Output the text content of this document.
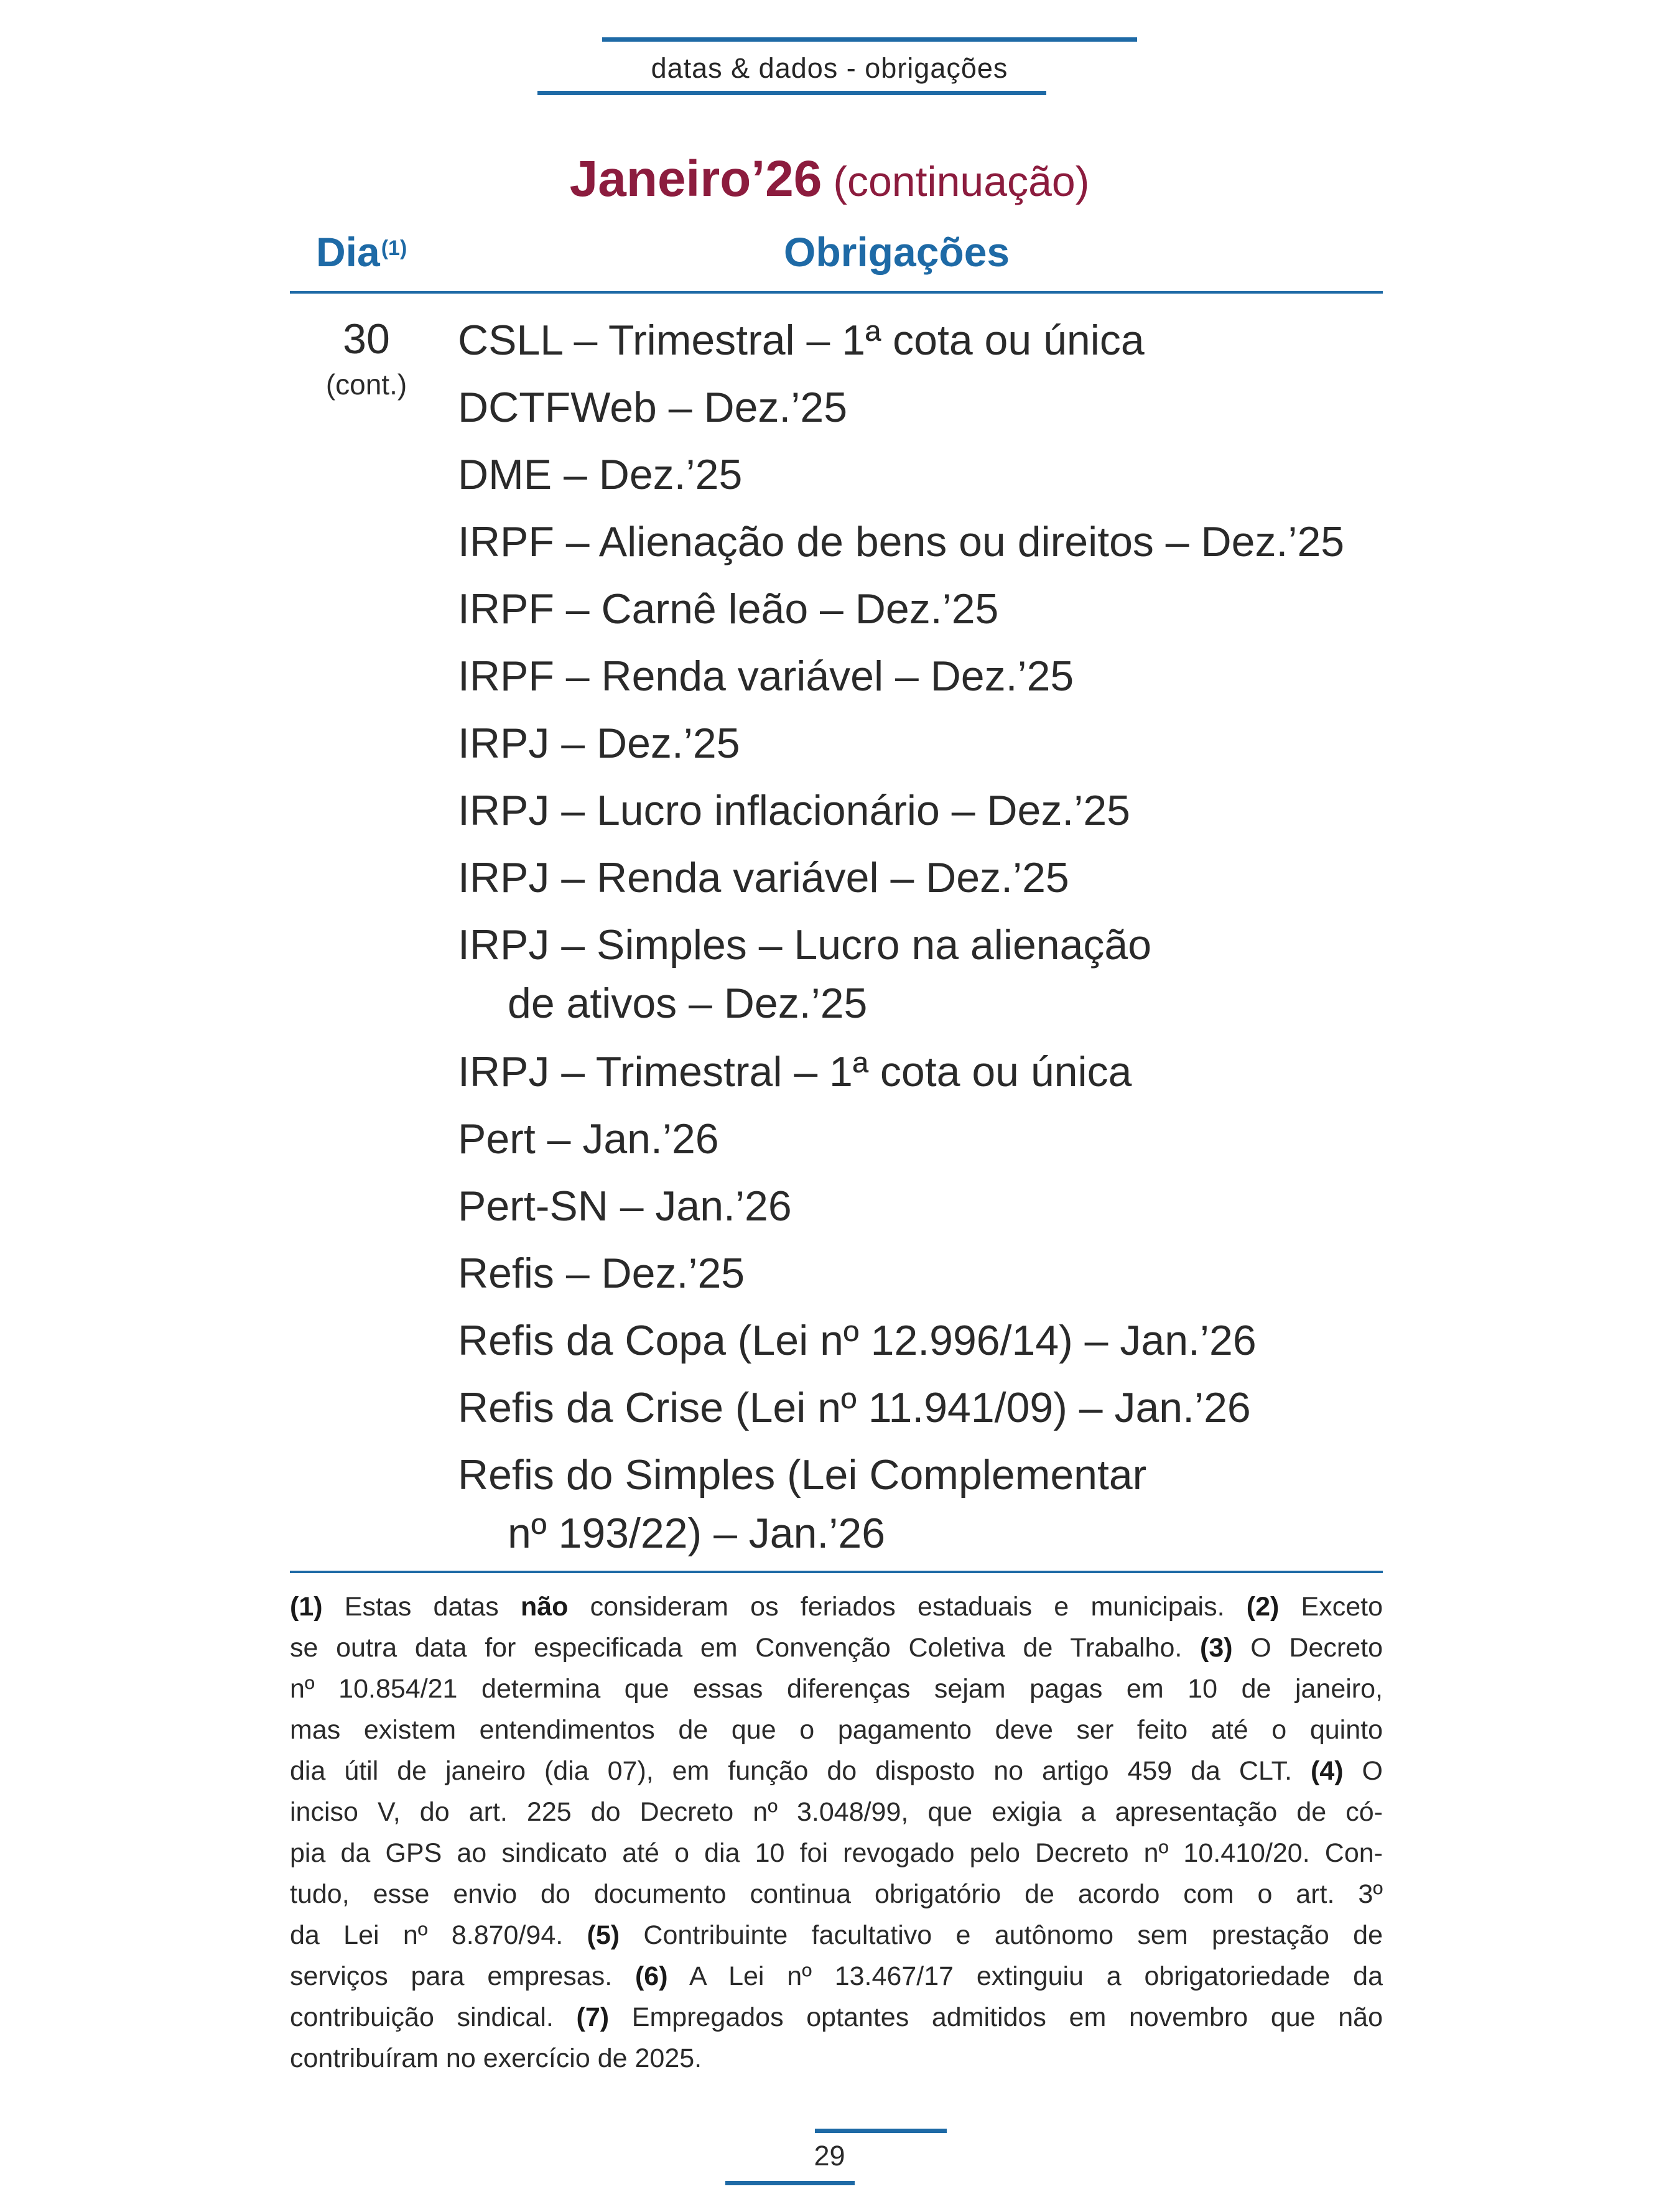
datas & dados - obrigações
Janeiro’26 (continuação)
Dia$^{(1)}$	Obrigações
30
(cont.)
CSLL – Trimestral – 1ª cota ou única
DCTFWeb – Dez.’25
DME – Dez.’25
IRPF – Alienação de bens ou direitos – Dez.’25
IRPF – Carnê leão – Dez.’25
IRPF – Renda variável – Dez.’25
IRPJ – Dez.’25
IRPJ – Lucro inflacionário – Dez.’25
IRPJ – Renda variável – Dez.’25
IRPJ – Simples – Lucro na alienação
de ativos – Dez.’25
IRPJ – Trimestral – 1ª cota ou única
Pert – Jan.’26
Pert-SN – Jan.’26
Refis – Dez.’25
Refis da Copa (Lei nº 12.996/14) – Jan.’26
Refis da Crise (Lei nº 11.941/09) – Jan.’26
Refis do Simples (Lei Complementar
nº 193/22) – Jan.’26
(1) Estas datas não consideram os feriados estaduais e municipais. (2) Exceto
se outra data for especificada em Convenção Coletiva de Trabalho. (3) O Decreto
nº 10.854/21 determina que essas diferenças sejam pagas em 10 de janeiro,
mas existem entendimentos de que o pagamento deve ser feito até o quinto
dia útil de janeiro (dia 07), em função do disposto no artigo 459 da CLT. (4) O
inciso V, do art. 225 do Decreto nº 3.048/99, que exigia a apresentação de có-
pia da GPS ao sindicato até o dia 10 foi revogado pelo Decreto nº 10.410/20. Con-
tudo, esse envio do documento continua obrigatório de acordo com o art. 3º
da Lei nº 8.870/94. (5) Contribuinte facultativo e autônomo sem prestação de
serviços para empresas. (6) A Lei nº 13.467/17 extinguiu a obrigatoriedade da
contribuição sindical. (7) Empregados optantes admitidos em novembro que não
contribuíram no exercício de 2025.
29
